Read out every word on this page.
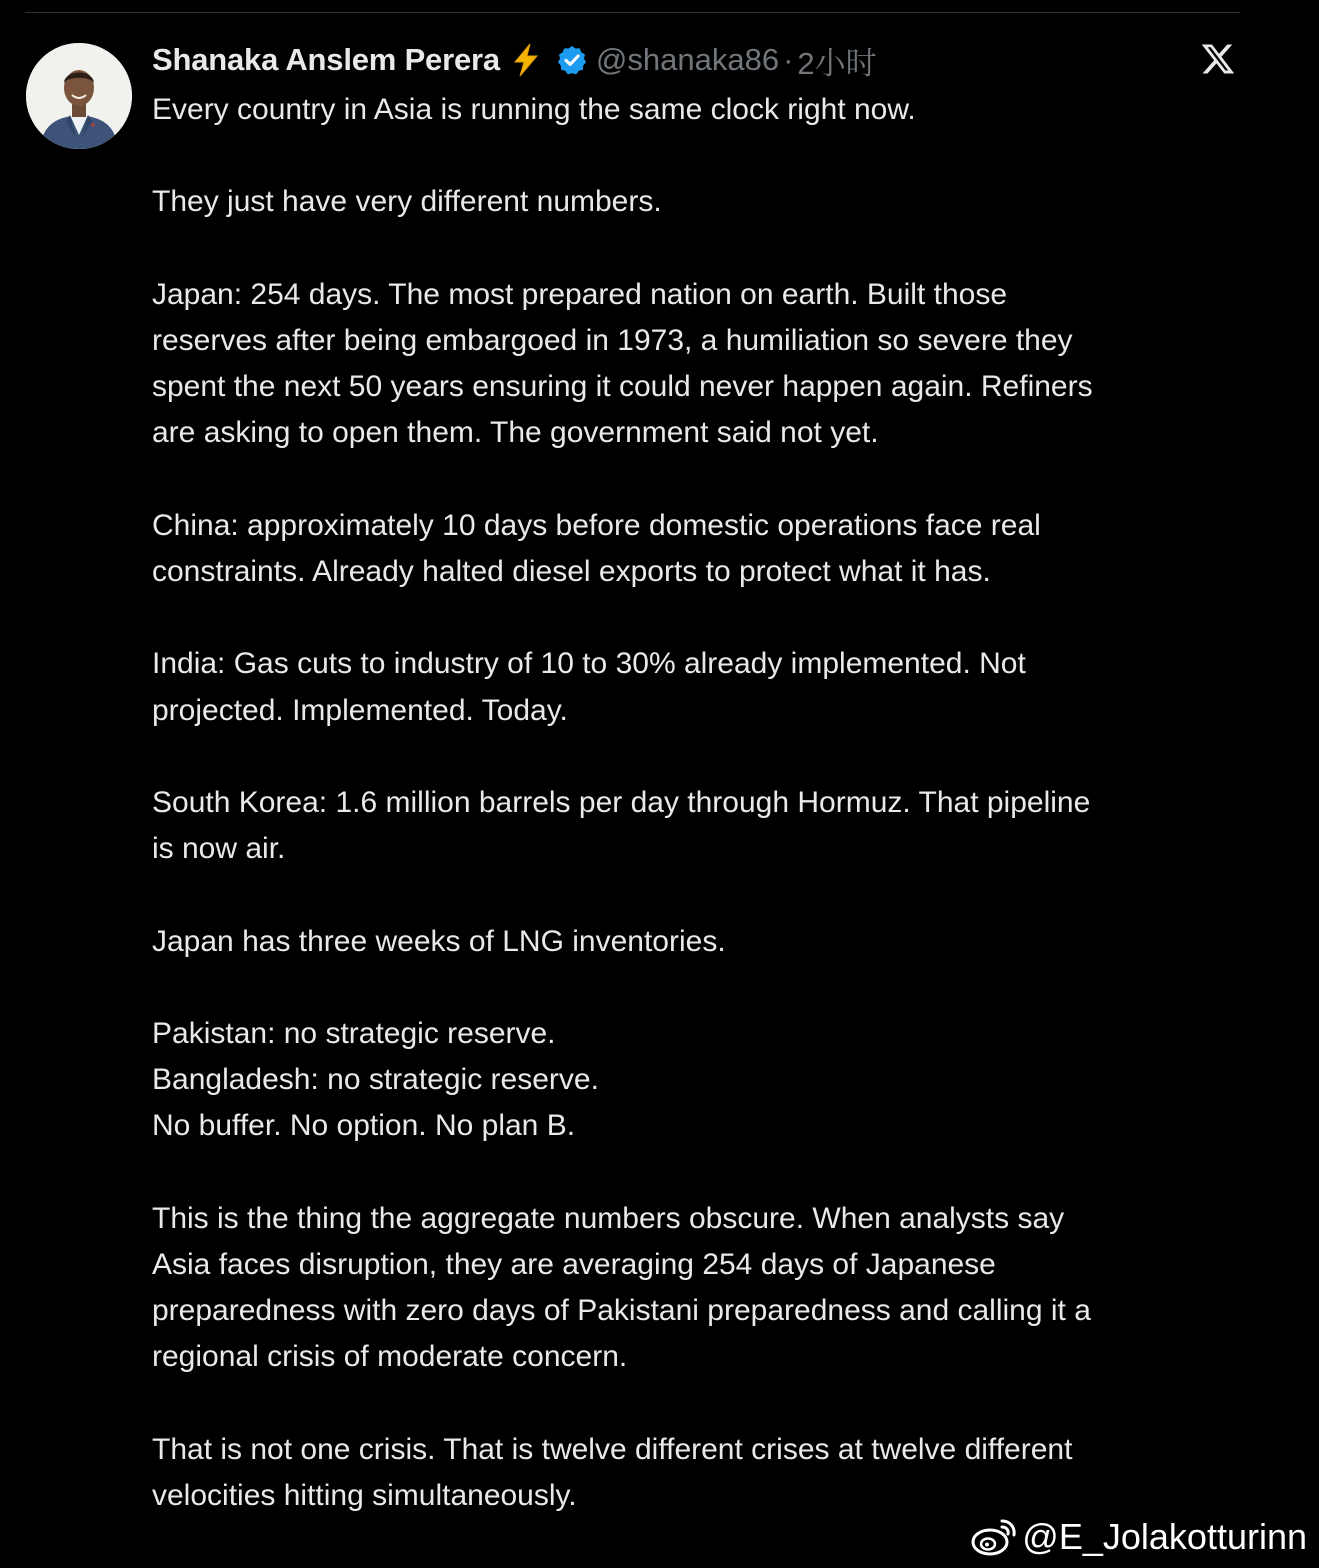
Shanaka Anslem Perera	@shanaka86 · 2小时
Every country in Asia is running the same clock right now.
They just have very different numbers.
Japan: 254 days. The most prepared nation on earth. Built those
reserves after being embargoed in 1973, a humiliation so severe they
spent the next 50 years ensuring it could never happen again. Refiners
are asking to open them. The government said not yet.
China: approximately 10 days before domestic operations face real
constraints. Already halted diesel exports to protect what it has.
India: Gas cuts to industry of 10 to 30% already implemented. Not
projected. Implemented. Today.
South Korea: 1.6 million barrels per day through Hormuz. That pipeline
is now air.
Japan has three weeks of LNG inventories.
Pakistan: no strategic reserve.
Bangladesh: no strategic reserve.
No buffer. No option. No plan B.
This is the thing the aggregate numbers obscure. When analysts say
Asia faces disruption, they are averaging 254 days of Japanese
preparedness with zero days of Pakistani preparedness and calling it a
regional crisis of moderate concern.
That is not one crisis. That is twelve different crises at twelve different
velocities hitting simultaneously.
@E_Jolakotturinn
